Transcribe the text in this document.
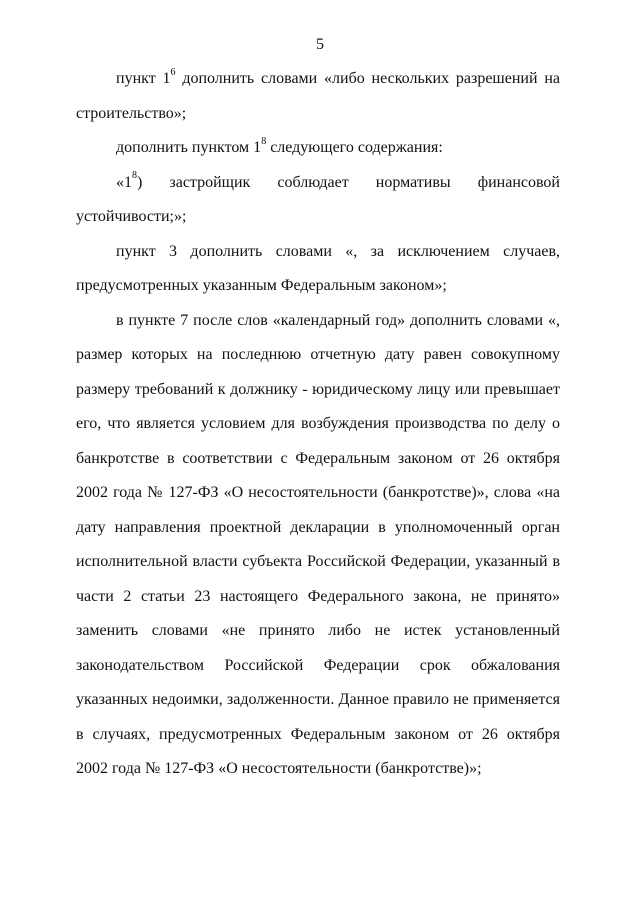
5

пункт $1^6$ дополнить словами «либо нескольких разрешений на строительство»;

дополнить пунктом $1^8$ следующего содержания:

«$1^8$) застройщик соблюдает нормативы финансовой устойчивости;»;

пункт 3 дополнить словами «, за исключением случаев, предусмотренных указанным Федеральным законом»;

в пункте 7 после слов «календарный год» дополнить словами «, размер которых на последнюю отчетную дату равен совокупному размеру требований к должнику - юридическому лицу или превышает его, что является условием для возбуждения производства по делу о банкротстве в соответствии с Федеральным законом от 26 октября 2002 года № 127-ФЗ «О несостоятельности (банкротстве)», слова «на дату направления проектной декларации в уполномоченный орган исполнительной власти субъекта Российской Федерации, указанный в части 2 статьи 23 настоящего Федерального закона, не принято» заменить словами «не принято либо не истек установленный законодательством Российской Федерации срок обжалования указанных недоимки, задолженности. Данное правило не применяется в случаях, предусмотренных Федеральным законом от 26 октября 2002 года № 127-ФЗ «О несостоятельности (банкротстве)»;
